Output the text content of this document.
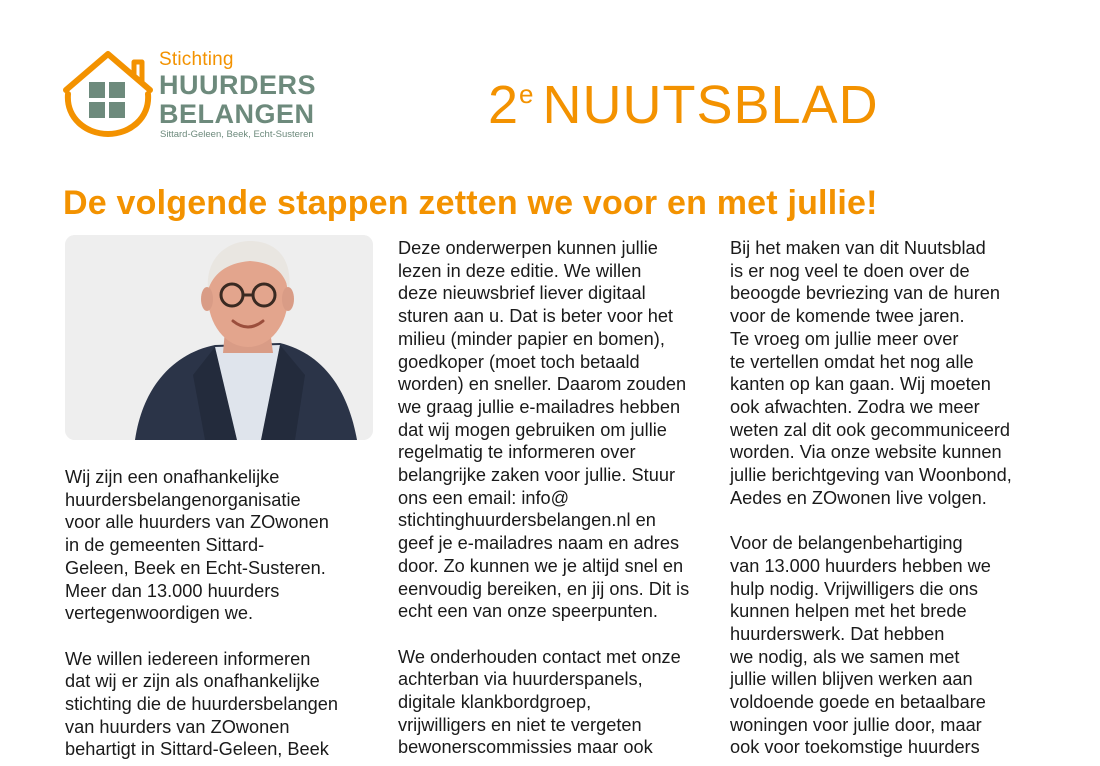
Stichting
HUURDERS
BELANGEN
Sittard-Geleen, Beek, Echt-Susteren	2e NUUTSBLAD
De volgende stappen zetten we voor en met jullie!

Wij zijn een onafhankelijke
huurdersbelangenorganisatie
voor alle huurders van ZOwonen
in de gemeenten Sittard-
Geleen, Beek en Echt-Susteren.
Meer dan 13.000 huurders
vertegenwoordigen we.

We willen iedereen informeren
dat wij er zijn als onafhankelijke
stichting die de huurdersbelangen
van huurders van ZOwonen
behartigt in Sittard-Geleen, Beek

Deze onderwerpen kunnen jullie
lezen in deze editie. We willen
deze nieuwsbrief liever digitaal
sturen aan u. Dat is beter voor het
milieu (minder papier en bomen),
goedkoper (moet toch betaald
worden) en sneller. Daarom zouden
we graag jullie e-mailadres hebben
dat wij mogen gebruiken om jullie
regelmatig te informeren over
belangrijke zaken voor jullie. Stuur
ons een email: info@
stichtinghuurdersbelangen.nl en
geef je e-mailadres naam en adres
door. Zo kunnen we je altijd snel en
eenvoudig bereiken, en jij ons. Dit is
echt een van onze speerpunten.

We onderhouden contact met onze
achterban via huurderspanels,
digitale klankbordgroep,
vrijwilligers en niet te vergeten
bewonerscommissies maar ook

Bij het maken van dit Nuutsblad
is er nog veel te doen over de
beoogde bevriezing van de huren
voor de komende twee jaren.
Te vroeg om jullie meer over
te vertellen omdat het nog alle
kanten op kan gaan. Wij moeten
ook afwachten. Zodra we meer
weten zal dit ook gecommuniceerd
worden. Via onze website kunnen
jullie berichtgeving van Woonbond,
Aedes en ZOwonen live volgen.

Voor de belangenbehartiging
van 13.000 huurders hebben we
hulp nodig. Vrijwilligers die ons
kunnen helpen met het brede
huurderswerk. Dat hebben
we nodig, als we samen met
jullie willen blijven werken aan
voldoende goede en betaalbare
woningen voor jullie door, maar
ook voor toekomstige huurders
